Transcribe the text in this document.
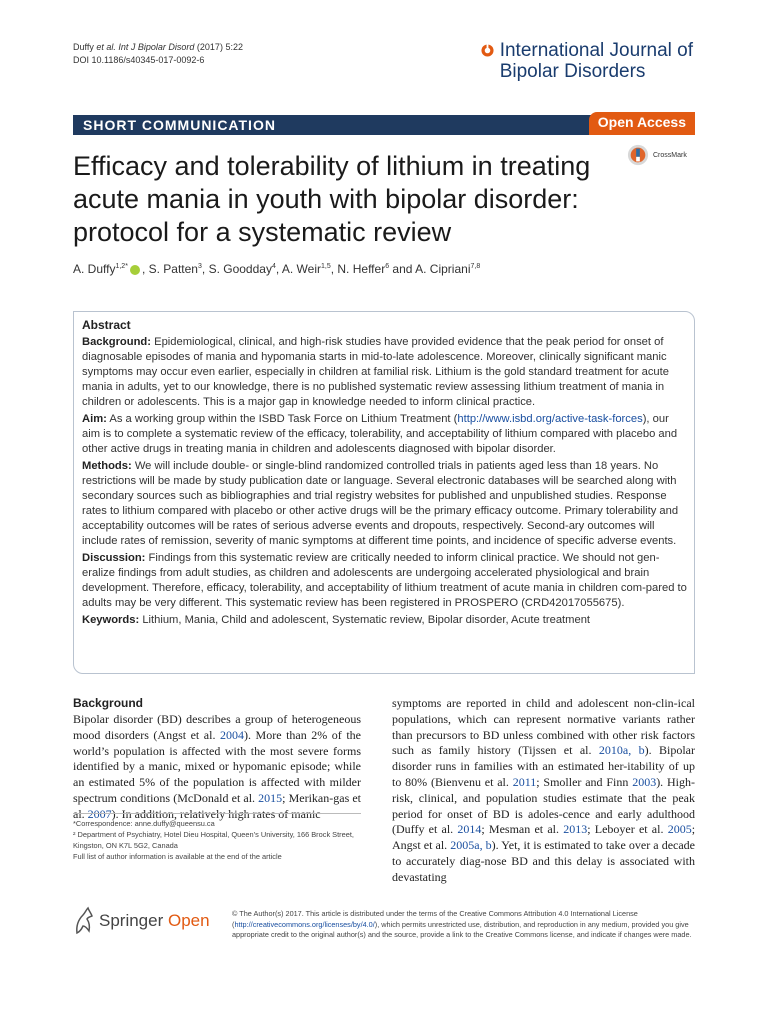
Duffy et al. Int J Bipolar Disord (2017) 5:22
DOI 10.1186/s40345-017-0092-6	International Journal of
Bipolar Disorders
SHORT COMMUNICATION	Open Access
Efficacy and tolerability of lithium in treating acute mania in youth with bipolar disorder: protocol for a systematic review
CrossMark
A. Duffy$^{1,2*}$ , S. Patten$^3$, S. Goodday$^4$, A. Weir$^{1,5}$, N. Heffer$^6$ and A. Cipriani$^{7,8}$
Abstract

Background: Epidemiological, clinical, and high-risk studies have provided evidence that the peak period for onset of diagnosable episodes of mania and hypomania starts in mid-to-late adolescence. Moreover, clinically significant manic symptoms may occur even earlier, especially in children at familial risk. Lithium is the gold standard treatment for acute mania in adults, yet to our knowledge, there is no published systematic review assessing lithium treatment of mania in children or adolescents. This is a major gap in knowledge needed to inform clinical practice.

Aim: As a working group within the ISBD Task Force on Lithium Treatment (http://www.isbd.org/active-task-forces), our aim is to complete a systematic review of the efficacy, tolerability, and acceptability of lithium compared with placebo and other active drugs in treating mania in children and adolescents diagnosed with bipolar disorder.

Methods: We will include double- or single-blind randomized controlled trials in patients aged less than 18 years. No restrictions will be made by study publication date or language. Several electronic databases will be searched along with secondary sources such as bibliographies and trial registry websites for published and unpublished studies. Response rates to lithium compared with placebo or other active drugs will be the primary efficacy outcome. Primary tolerability and acceptability outcomes will be rates of serious adverse events and dropouts, respectively. Second-ary outcomes will include rates of remission, severity of manic symptoms at different time points, and incidence of specific adverse events.

Discussion: Findings from this systematic review are critically needed to inform clinical practice. We should not gen-eralize findings from adult studies, as children and adolescents are undergoing accelerated physiological and brain development. Therefore, efficacy, tolerability, and acceptability of lithium treatment of acute mania in children com-pared to adults may be very different. This systematic review has been registered in PROSPERO (CRD42017055675).

Keywords: Lithium, Mania, Child and adolescent, Systematic review, Bipolar disorder, Acute treatment

Background

Bipolar disorder (BD) describes a group of heterogeneous mood disorders (Angst et al. 2004). More than 2% of the world’s population is affected with the most severe forms identified by a manic, mixed or hypomanic episode; while an estimated 5% of the population is affected with milder spectrum conditions (McDonald et al. 2015; Merikan-gas et al. 2007). In addition, relatively high rates of manic

symptoms are reported in child and adolescent non-clin-ical populations, which can represent normative variants rather than precursors to BD unless combined with other risk factors such as family history (Tijssen et al. 2010a, b). Bipolar disorder runs in families with an estimated her-itability of up to 80% (Bienvenu et al. 2011; Smoller and Finn 2003). High-risk, clinical, and population studies estimate that the peak period for onset of BD is adoles-cence and early adulthood (Duffy et al. 2014; Mesman et al. 2013; Leboyer et al. 2005; Angst et al. 2005a, b). Yet, it is estimated to take over a decade to accurately diag-nose BD and this delay is associated with devastating

*Correspondence: anne.duffy@queensu.ca
² Department of Psychiatry, Hotel Dieu Hospital, Queen’s University, 166 Brock Street, Kingston, ON K7L 5G2, Canada
Full list of author information is available at the end of the article
Springer Open	© The Author(s) 2017. This article is distributed under the terms of the Creative Commons Attribution 4.0 International License (http://creativecommons.org/licenses/by/4.0/), which permits unrestricted use, distribution, and reproduction in any medium, provided you give appropriate credit to the original author(s) and the source, provide a link to the Creative Commons license, and indicate if changes were made.
